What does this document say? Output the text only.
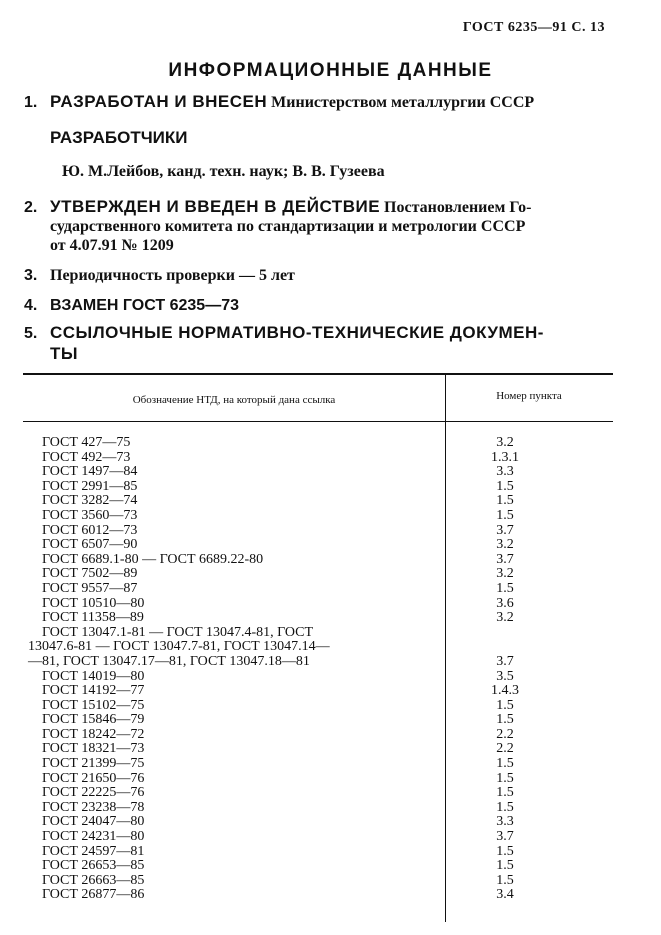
ГОСТ 6235—91 С. 13
ИНФОРМАЦИОННЫЕ ДАННЫЕ
1. РАЗРАБОТАН И ВНЕСЕН Министерством металлургии СССР
РАЗРАБОТЧИКИ
Ю. М.Лейбов, канд. техн. наук; В. В. Гузеева
2. УТВЕРЖДЕН И ВВЕДЕН В ДЕЙСТВИЕ Постановлением Го-
сударственного комитета по стандартизации и метрологии СССР
от 4.07.91 № 1209
3. Периодичность проверки — 5 лет
4. ВЗАМЕН ГОСТ 6235—73
5. ССЫЛОЧНЫЕ НОРМАТИВНО-ТЕХНИЧЕСКИЕ ДОКУМЕН-
ТЫ
Обозначение НТД, на который дана ссылка	Номер пункта
ГОСТ 427—75	3.2
ГОСТ 492—73	1.3.1
ГОСТ 1497—84	3.3
ГОСТ 2991—85	1.5
ГОСТ 3282—74	1.5
ГОСТ 3560—73	1.5
ГОСТ 6012—73	3.7
ГОСТ 6507—90	3.2
ГОСТ 6689.1-80 — ГОСТ 6689.22-80	3.7
ГОСТ 7502—89	3.2
ГОСТ 9557—87	1.5
ГОСТ 10510—80	3.6
ГОСТ 11358—89	3.2
ГОСТ 13047.1-81 — ГОСТ 13047.4-81, ГОСТ
13047.6-81 — ГОСТ 13047.7-81, ГОСТ 13047.14—
—81, ГОСТ 13047.17—81, ГОСТ 13047.18—81	3.7
ГОСТ 14019—80	3.5
ГОСТ 14192—77	1.4.3
ГОСТ 15102—75	1.5
ГОСТ 15846—79	1.5
ГОСТ 18242—72	2.2
ГОСТ 18321—73	2.2
ГОСТ 21399—75	1.5
ГОСТ 21650—76	1.5
ГОСТ 22225—76	1.5
ГОСТ 23238—78	1.5
ГОСТ 24047—80	3.3
ГОСТ 24231—80	3.7
ГОСТ 24597—81	1.5
ГОСТ 26653—85	1.5
ГОСТ 26663—85	1.5
ГОСТ 26877—86	3.4
